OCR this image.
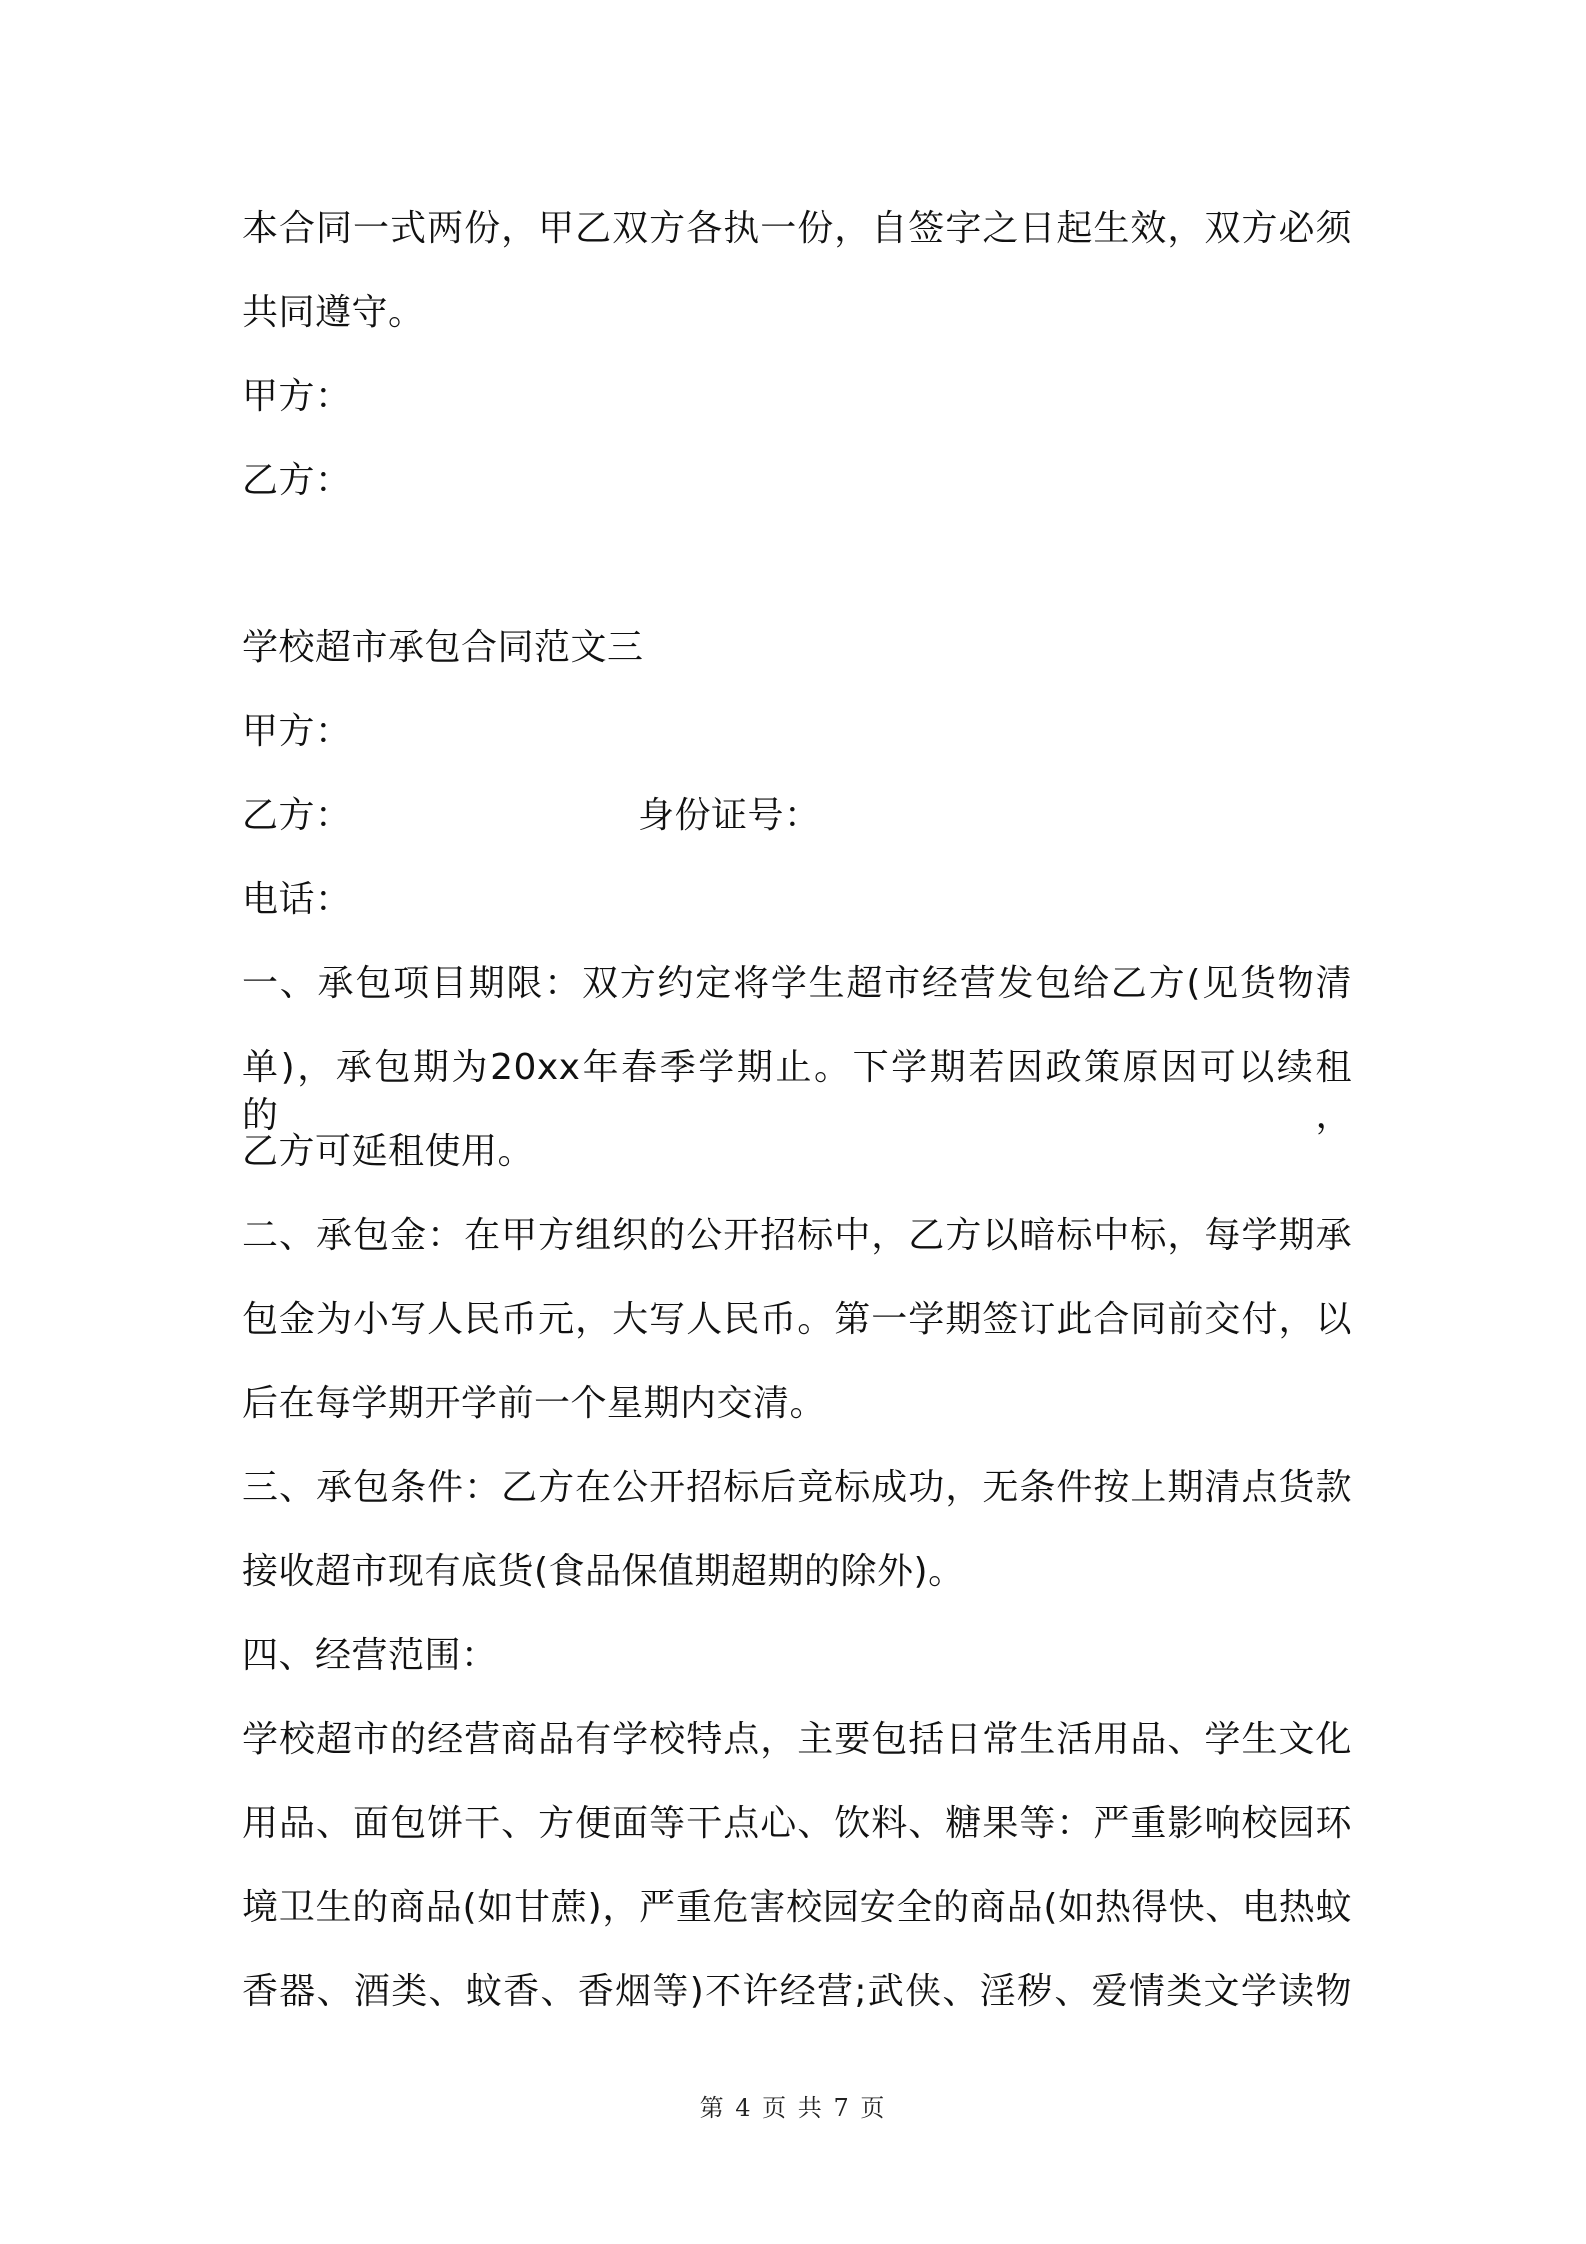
本合同一式两份，甲乙双方各执一份，自签字之日起生效，双方必须
共同遵守。
甲方：
乙方：
学校超市承包合同范文三
甲方：
乙方：	身份证号：
电话：
一、承包项目期限：双方约定将学生超市经营发包给乙方(见货物清
单)，承包期为20xx年春季学期止。下学期若因政策原因可以续租的，
乙方可延租使用。
二、承包金：在甲方组织的公开招标中，乙方以暗标中标，每学期承
包金为小写人民币元，大写人民币。第一学期签订此合同前交付，以
后在每学期开学前一个星期内交清。
三、承包条件：乙方在公开招标后竞标成功，无条件按上期清点货款
接收超市现有底货(食品保值期超期的除外)。
四、经营范围：
学校超市的经营商品有学校特点，主要包括日常生活用品、学生文化
用品、面包饼干、方便面等干点心、饮料、糖果等：严重影响校园环
境卫生的商品(如甘蔗)，严重危害校园安全的商品(如热得快、电热蚊
香器、酒类、蚊香、香烟等)不许经营;武侠、淫秽、爱情类文学读物
第 4 页 共 7 页
